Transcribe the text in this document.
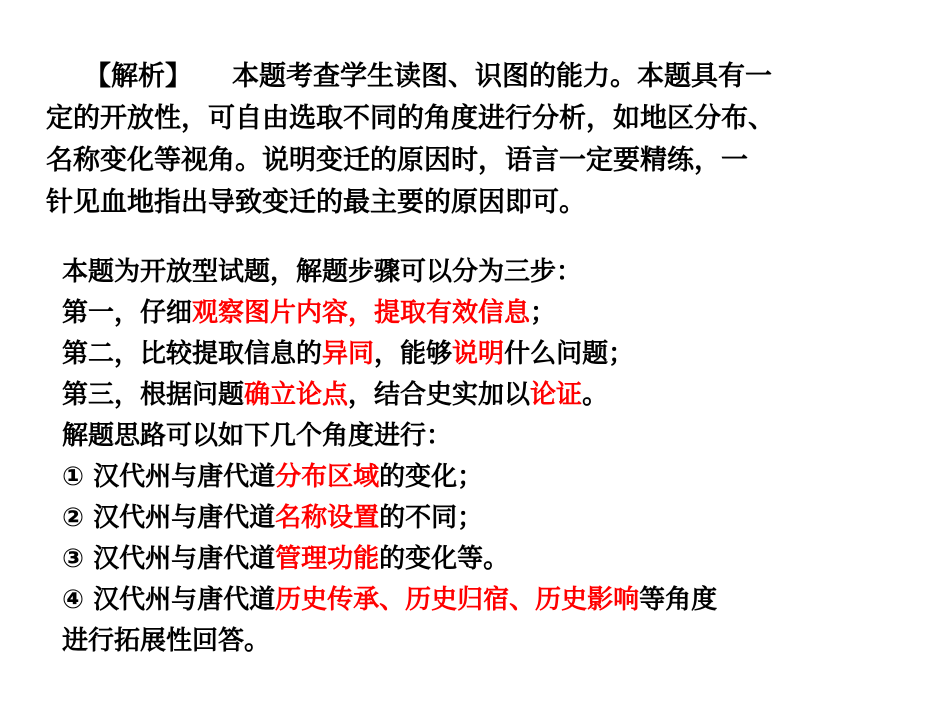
【解析】 本题考查学生读图、识图的能力。本题具有一
定的开放性，可自由选取不同的角度进行分析，如地区分布、
名称变化等视角。说明变迁的原因时，语言一定要精练，一
针见血地指出导致变迁的最主要的原因即可。
本题为开放型试题，解题步骤可以分为三步：
第一，仔细观察图片内容，提取有效信息；
第二，比较提取信息的异同，能够说明什么问题；
第三，根据问题确立论点，结合史实加以论证。
解题思路可以如下几个角度进行：
① 汉代州与唐代道分布区域的变化；
② 汉代州与唐代道名称设置的不同；
③ 汉代州与唐代道管理功能的变化等。
④ 汉代州与唐代道历史传承、历史归宿、历史影响等角度
进行拓展性回答。
